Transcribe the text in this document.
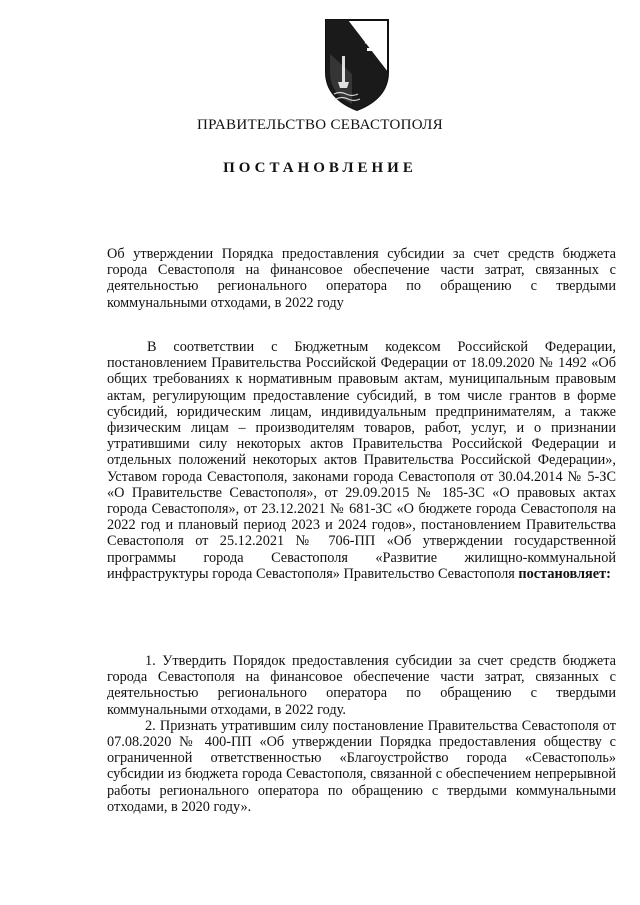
ПРАВИТЕЛЬСТВО СЕВАСТОПОЛЯ
ПОСТАНОВЛЕНИЕ

Об утверждении Порядка предоставления субсидии за счет средств бюджета города Севастополя на финансовое обеспечение части затрат, связанных с деятельностью регионального оператора по обращению с твердыми коммунальными отходами, в 2022 году

В соответствии с Бюджетным кодексом Российской Федерации, постановлением Правительства Российской Федерации от 18.09.2020 № 1492 «Об общих требованиях к нормативным правовым актам, муниципальным правовым актам, регулирующим предоставление субсидий, в том числе грантов в форме субсидий, юридическим лицам, индивидуальным предпринимателям, а также физическим лицам – производителям товаров, работ, услуг, и о признании утратившими силу некоторых актов Правительства Российской Федерации и отдельных положений некоторых актов Правительства Российской Федерации», Уставом города Севастополя, законами города Севастополя от 30.04.2014 № 5-ЗС «О Правительстве Севастополя», от 29.09.2015 № 185-ЗС «О правовых актах города Севастополя», от 23.12.2021 № 681-ЗС «О бюджете города Севастополя на 2022 год и плановый период 2023 и 2024 годов», постановлением Правительства Севастополя от 25.12.2021 № 706-ПП «Об утверждении государственной программы города Севастополя «Развитие жилищно-коммунальной инфраструктуры города Севастополя» Правительство Севастополя постановляет:

1. Утвердить Порядок предоставления субсидии за счет средств бюджета города Севастополя на финансовое обеспечение части затрат, связанных с деятельностью регионального оператора по обращению с твердыми коммунальными отходами, в 2022 году.

2. Признать утратившим силу постановление Правительства Севастополя от 07.08.2020 № 400-ПП «Об утверждении Порядка предоставления обществу с ограниченной ответственностью «Благоустройство города «Севастополь» субсидии из бюджета города Севастополя, связанной с обеспечением непрерывной работы регионального оператора по обращению с твердыми коммунальными отходами, в 2020 году».
